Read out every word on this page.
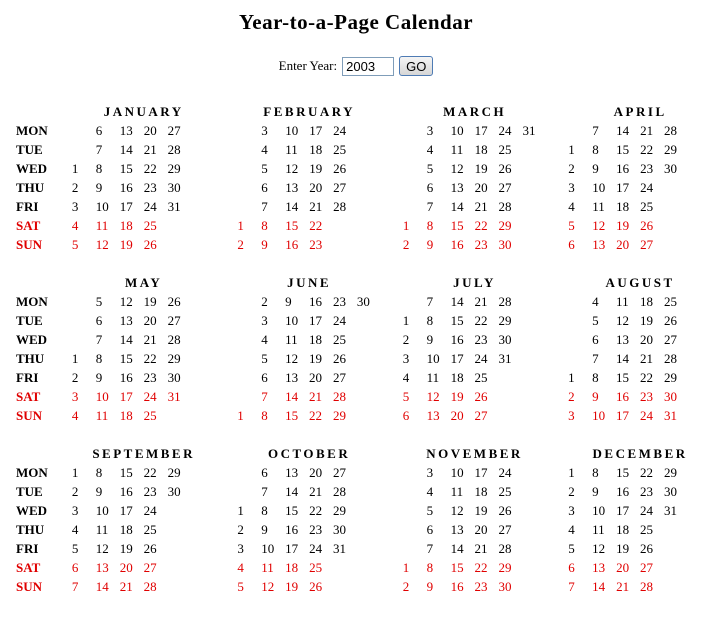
Year-to-a-Page Calendar
Enter Year:
2003	GO
	JANUARY							FEBRUARY							MARCH							APRIL					
MON		6	13	20	27				3	10	17	24				3	10	17	24	31			7	14	21	28	
TUE		7	14	21	28				4	11	18	25				4	11	18	25			1	8	15	22	29	
WED	1	8	15	22	29				5	12	19	26				5	12	19	26			2	9	16	23	30	
THU	2	9	16	23	30				6	13	20	27				6	13	20	27			3	10	17	24		
FRI	3	10	17	24	31				7	14	21	28				7	14	21	28			4	11	18	25		
SAT	4	11	18	25				1	8	15	22				1	8	15	22	29			5	12	19	26		
SUN	5	12	19	26				2	9	16	23				2	9	16	23	30			6	13	20	27		
	MAY							JUNE							JULY							AUGUST					
MON		5	12	19	26				2	9	16	23	30			7	14	21	28				4	11	18	25	
TUE		6	13	20	27				3	10	17	24			1	8	15	22	29				5	12	19	26	
WED		7	14	21	28				4	11	18	25			2	9	16	23	30				6	13	20	27	
THU	1	8	15	22	29				5	12	19	26			3	10	17	24	31				7	14	21	28	
FRI	2	9	16	23	30				6	13	20	27			4	11	18	25				1	8	15	22	29	
SAT	3	10	17	24	31				7	14	21	28			5	12	19	26				2	9	16	23	30	
SUN	4	11	18	25				1	8	15	22	29			6	13	20	27				3	10	17	24	31	
	SEPTEMBER							OCTOBER							NOVEMBER							DECEMBER					
MON	1	8	15	22	29				6	13	20	27				3	10	17	24			1	8	15	22	29	
TUE	2	9	16	23	30				7	14	21	28				4	11	18	25			2	9	16	23	30	
WED	3	10	17	24				1	8	15	22	29				5	12	19	26			3	10	17	24	31	
THU	4	11	18	25				2	9	16	23	30				6	13	20	27			4	11	18	25		
FRI	5	12	19	26				3	10	17	24	31				7	14	21	28			5	12	19	26		
SAT	6	13	20	27				4	11	18	25				1	8	15	22	29			6	13	20	27		
SUN	7	14	21	28				5	12	19	26				2	9	16	23	30			7	14	21	28		
